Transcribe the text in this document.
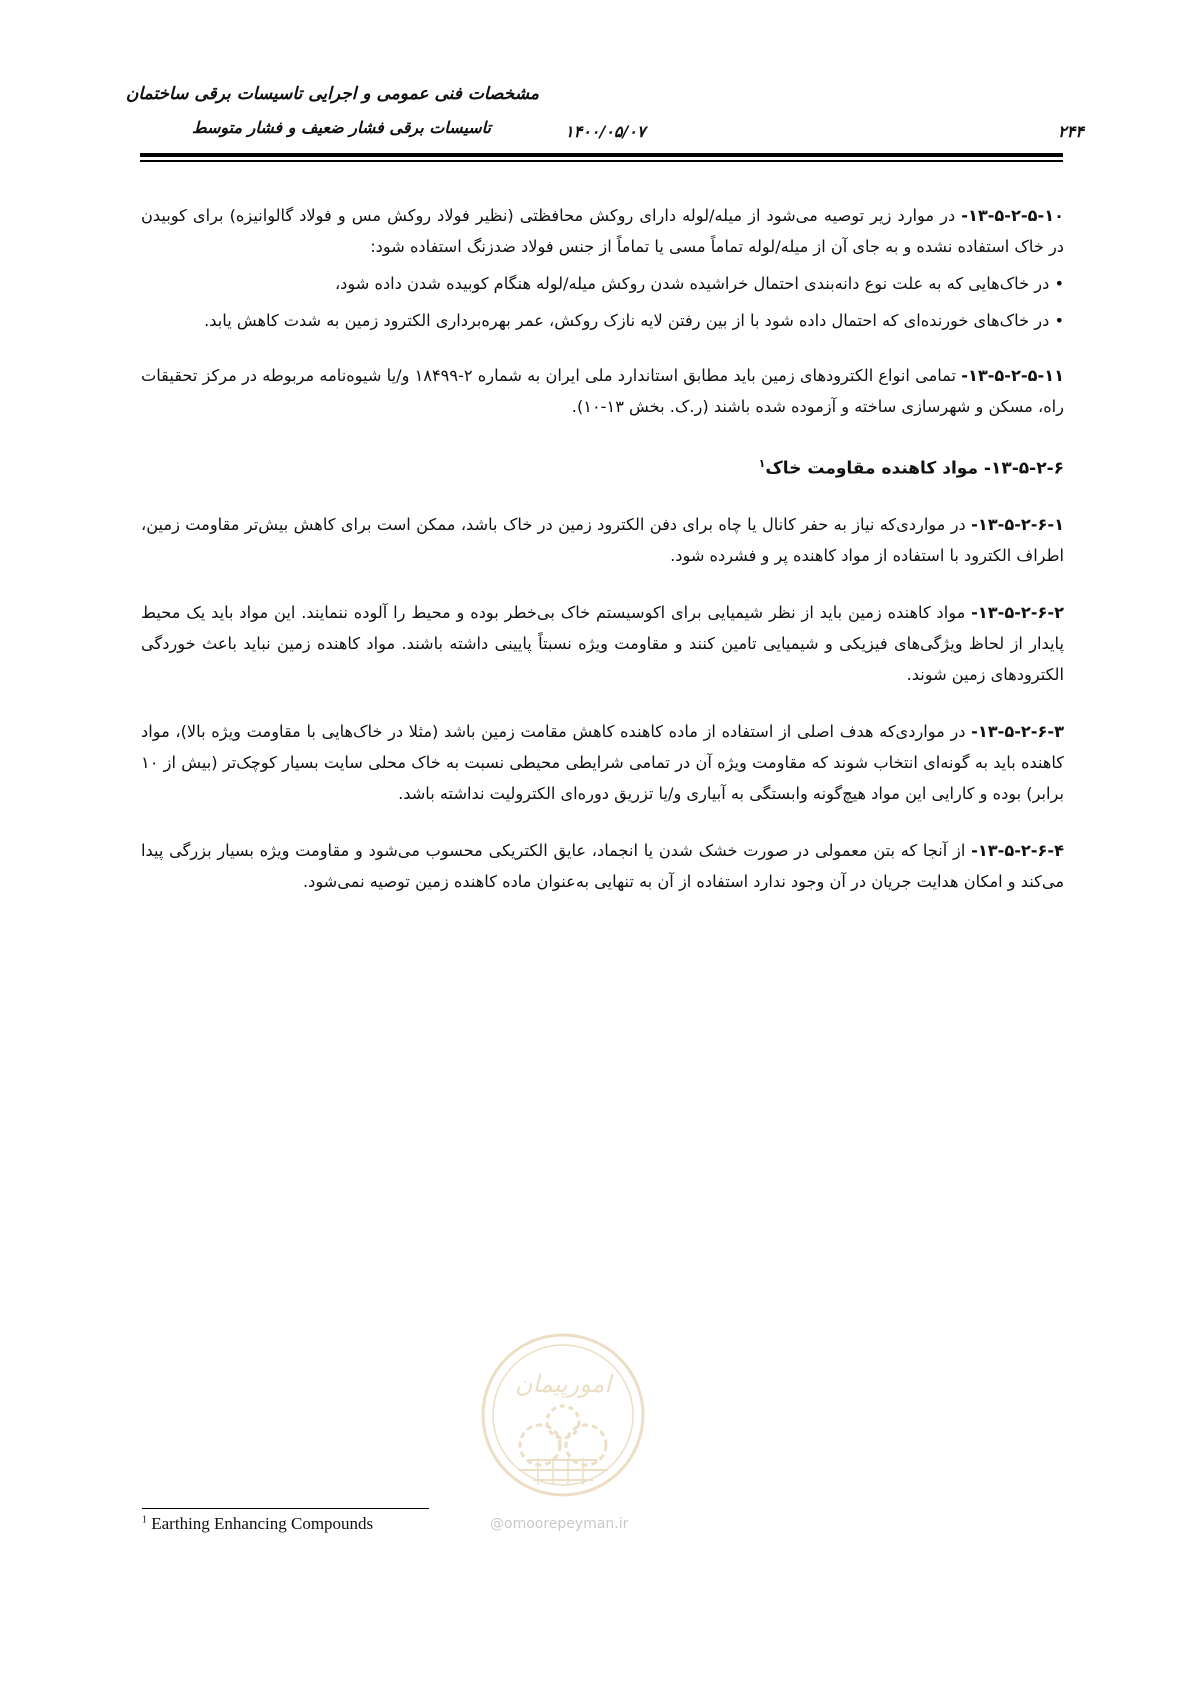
مشخصات فنی عمومی و اجرایی تاسیسات برقی ساختمان
تاسیسات برقی فشار ضعیف و فشار متوسط	۱۴۰۰/۰۵/۰۷	۲۴۴

۱۳-۵-۲-۵-۱۰- در موارد زیر توصیه می‌شود از میله/لوله دارای روکش محافظتی (نظیر فولاد روکش مس و فولاد گالوانیزه) برای کوبیدن در خاک استفاده نشده و به جای آن از میله/لوله تماماً مسی یا تماماً از جنس فولاد ضدزنگ استفاده شود:

• در خاک‌هایی که به علت نوع دانه‌بندی احتمال خراشیده شدن روکش میله/لوله هنگام کوبیده شدن داده شود،

• در خاک‌های خورنده‌ای که احتمال داده شود با از بین رفتن لایه نازک روکش، عمر بهره‌برداری الکترود زمین به شدت کاهش یابد.

۱۳-۵-۲-۵-۱۱- تمامی انواع الکترودهای زمین باید مطابق استاندارد ملی ایران به شماره ۲-۱۸۴۹۹ و/یا شیوه‌نامه مربوطه در مرکز تحقیقات راه، مسکن و شهرسازی ساخته و آزموده شده باشند (ر.ک. بخش ۱۳-۱۰).

۱۳-۵-۲-۶- مواد کاهنده مقاومت خاک$^۱$

۱۳-۵-۲-۶-۱- در مواردی‌که نیاز به حفر کانال یا چاه برای دفن الکترود زمین در خاک باشد، ممکن است برای کاهش بیش‌تر مقاومت زمین، اطراف الکترود با استفاده از مواد کاهنده پر و فشرده شود.

۱۳-۵-۲-۶-۲- مواد کاهنده زمین باید از نظر شیمیایی برای اکوسیستم خاک بی‌خطر بوده و محیط را آلوده ننمایند. این مواد باید یک محیط پایدار از لحاظ ویژگی‌های فیزیکی و شیمیایی تامین کنند و مقاومت ویژه نسبتاً پایینی داشته باشند. مواد کاهنده زمین نباید باعث خوردگی الکترودهای زمین شوند.

۱۳-۵-۲-۶-۳- در مواردی‌که هدف اصلی از استفاده از ماده کاهنده کاهش مقامت زمین باشد (مثلا در خاک‌هایی با مقاومت ویژه بالا)، مواد کاهنده باید به گونه‌ای انتخاب شوند که مقاومت ویژه آن در تمامی شرایطی محیطی نسبت به خاک محلی سایت بسیار کوچک‌تر (بیش از ۱۰ برابر) بوده و کارایی این مواد هیچ‌گونه وابستگی به آبیاری و/یا تزریق دوره‌ای الکترولیت نداشته باشد.

۱۳-۵-۲-۶-۴- از آنجا که بتن معمولی در صورت خشک شدن یا انجماد، عایق الکتریکی محسوب می‌شود و مقاومت ویژه بسیار بزرگی پیدا می‌کند و امکان هدایت جریان در آن وجود ندارد استفاده از آن به تنهایی به‌عنوان ماده کاهنده زمین توصیه نمی‌شود.

امورپیمان
@omoorepeyman.ir
$^1$ Earthing Enhancing Compounds
